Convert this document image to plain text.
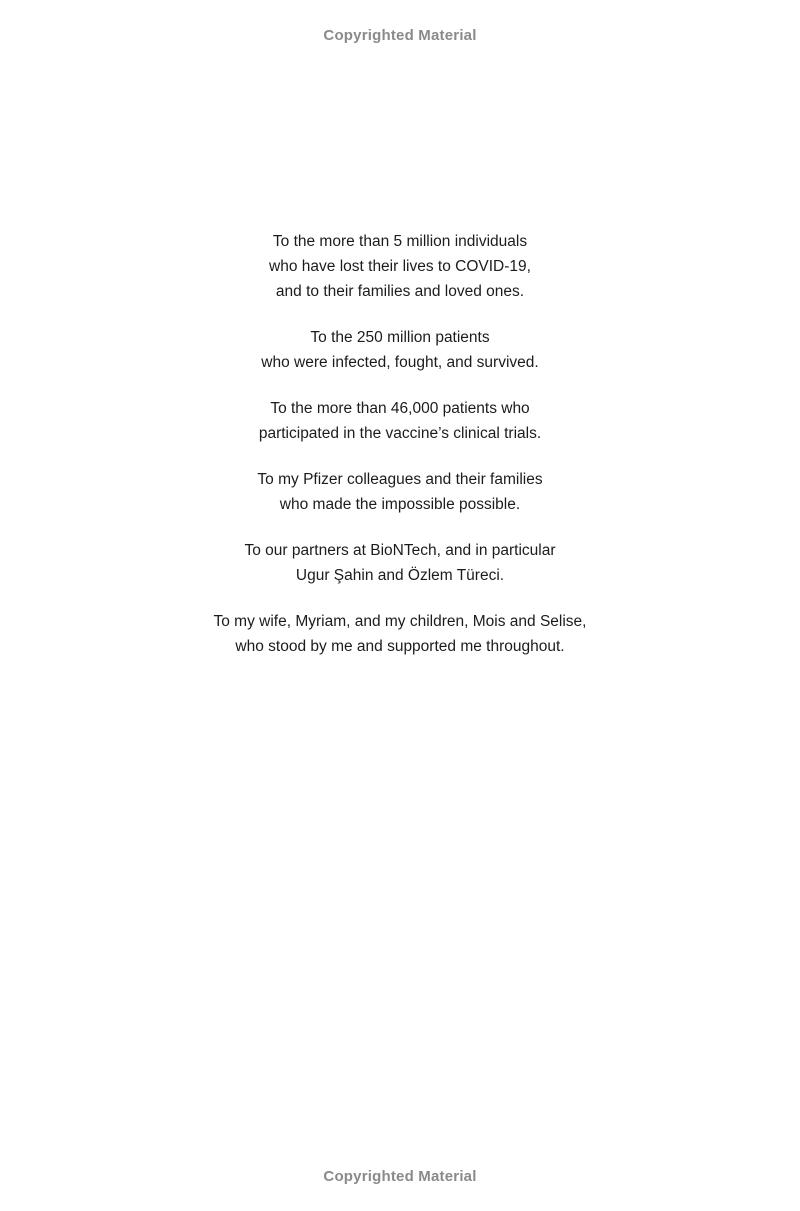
Copyrighted Material
To the more than 5 million individuals
who have lost their lives to COVID-19,
and to their families and loved ones.
To the 250 million patients
who were infected, fought, and survived.
To the more than 46,000 patients who
participated in the vaccine’s clinical trials.
To my Pfizer colleagues and their families
who made the impossible possible.
To our partners at BioNTech, and in particular
Ugur Şahin and Özlem Türeci.
To my wife, Myriam, and my children, Mois and Selise,
who stood by me and supported me throughout.
Copyrighted Material
